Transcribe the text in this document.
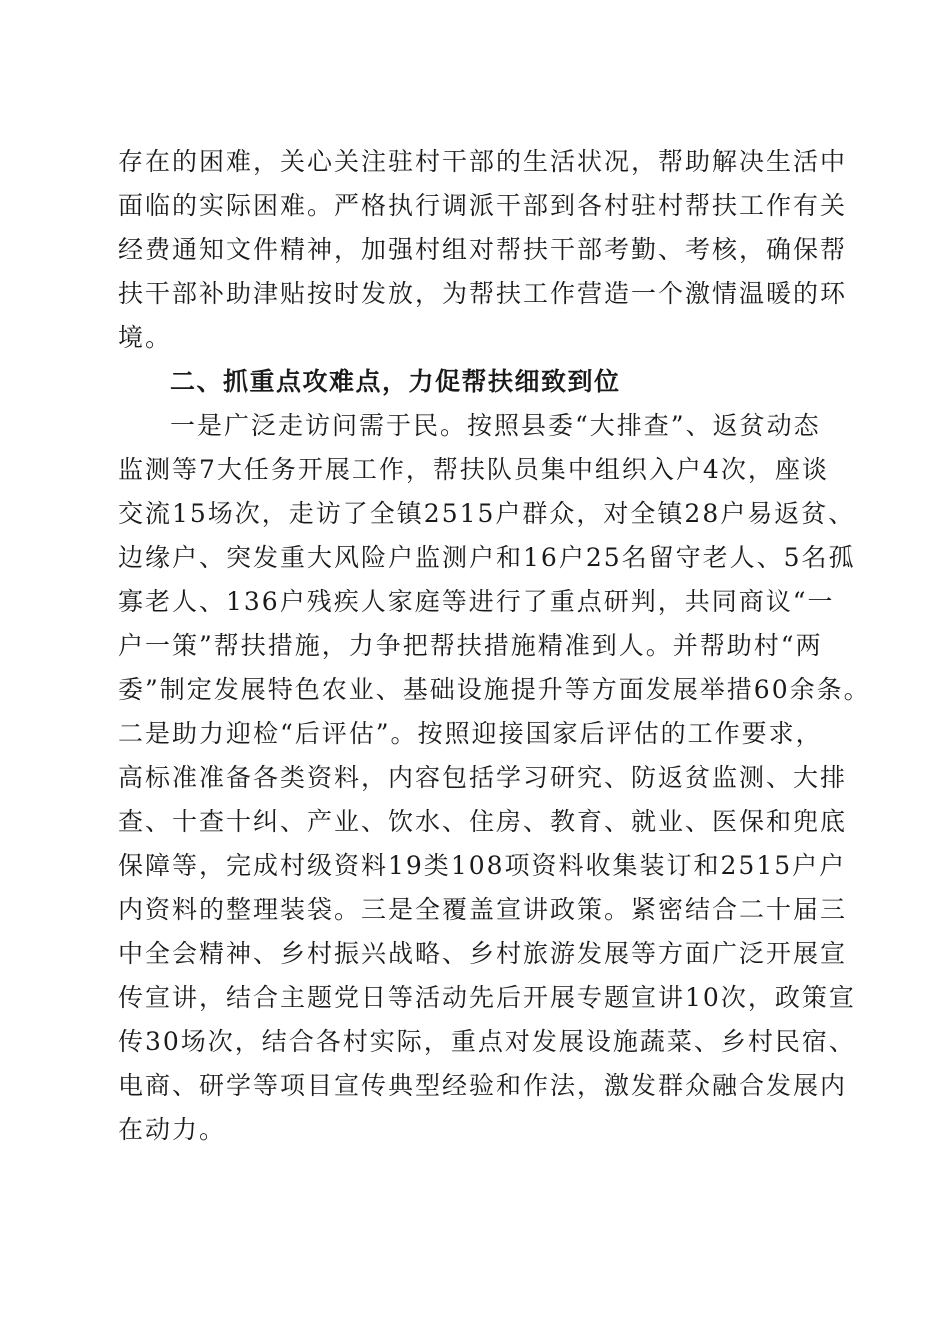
存在的困难，关心关注驻村干部的生活状况，帮助解决生活中
面临的实际困难。严格执行调派干部到各村驻村帮扶工作有关
经费通知文件精神，加强村组对帮扶干部考勤、考核，确保帮
扶干部补助津贴按时发放，为帮扶工作营造一个激情温暖的环
境。
二、抓重点攻难点，力促帮扶细致到位
一是广泛走访问需于民。按照县委“大排查”、返贫动态
监测等7大任务开展工作，帮扶队员集中组织入户4次，座谈
交流15场次，走访了全镇2515户群众，对全镇28户易返贫、
边缘户、突发重大风险户监测户和16户25名留守老人、5名孤
寡老人、136户残疾人家庭等进行了重点研判，共同商议“一
户一策”帮扶措施，力争把帮扶措施精准到人。并帮助村“两
委”制定发展特色农业、基础设施提升等方面发展举措60余条。
二是助力迎检“后评估”。按照迎接国家后评估的工作要求，
高标准准备各类资料，内容包括学习研究、防返贫监测、大排
查、十查十纠、产业、饮水、住房、教育、就业、医保和兜底
保障等，完成村级资料19类108项资料收集装订和2515户户
内资料的整理装袋。三是全覆盖宣讲政策。紧密结合二十届三
中全会精神、乡村振兴战略、乡村旅游发展等方面广泛开展宣
传宣讲，结合主题党日等活动先后开展专题宣讲10次，政策宣
传30场次，结合各村实际，重点对发展设施蔬菜、乡村民宿、
电商、研学等项目宣传典型经验和作法，激发群众融合发展内
在动力。
